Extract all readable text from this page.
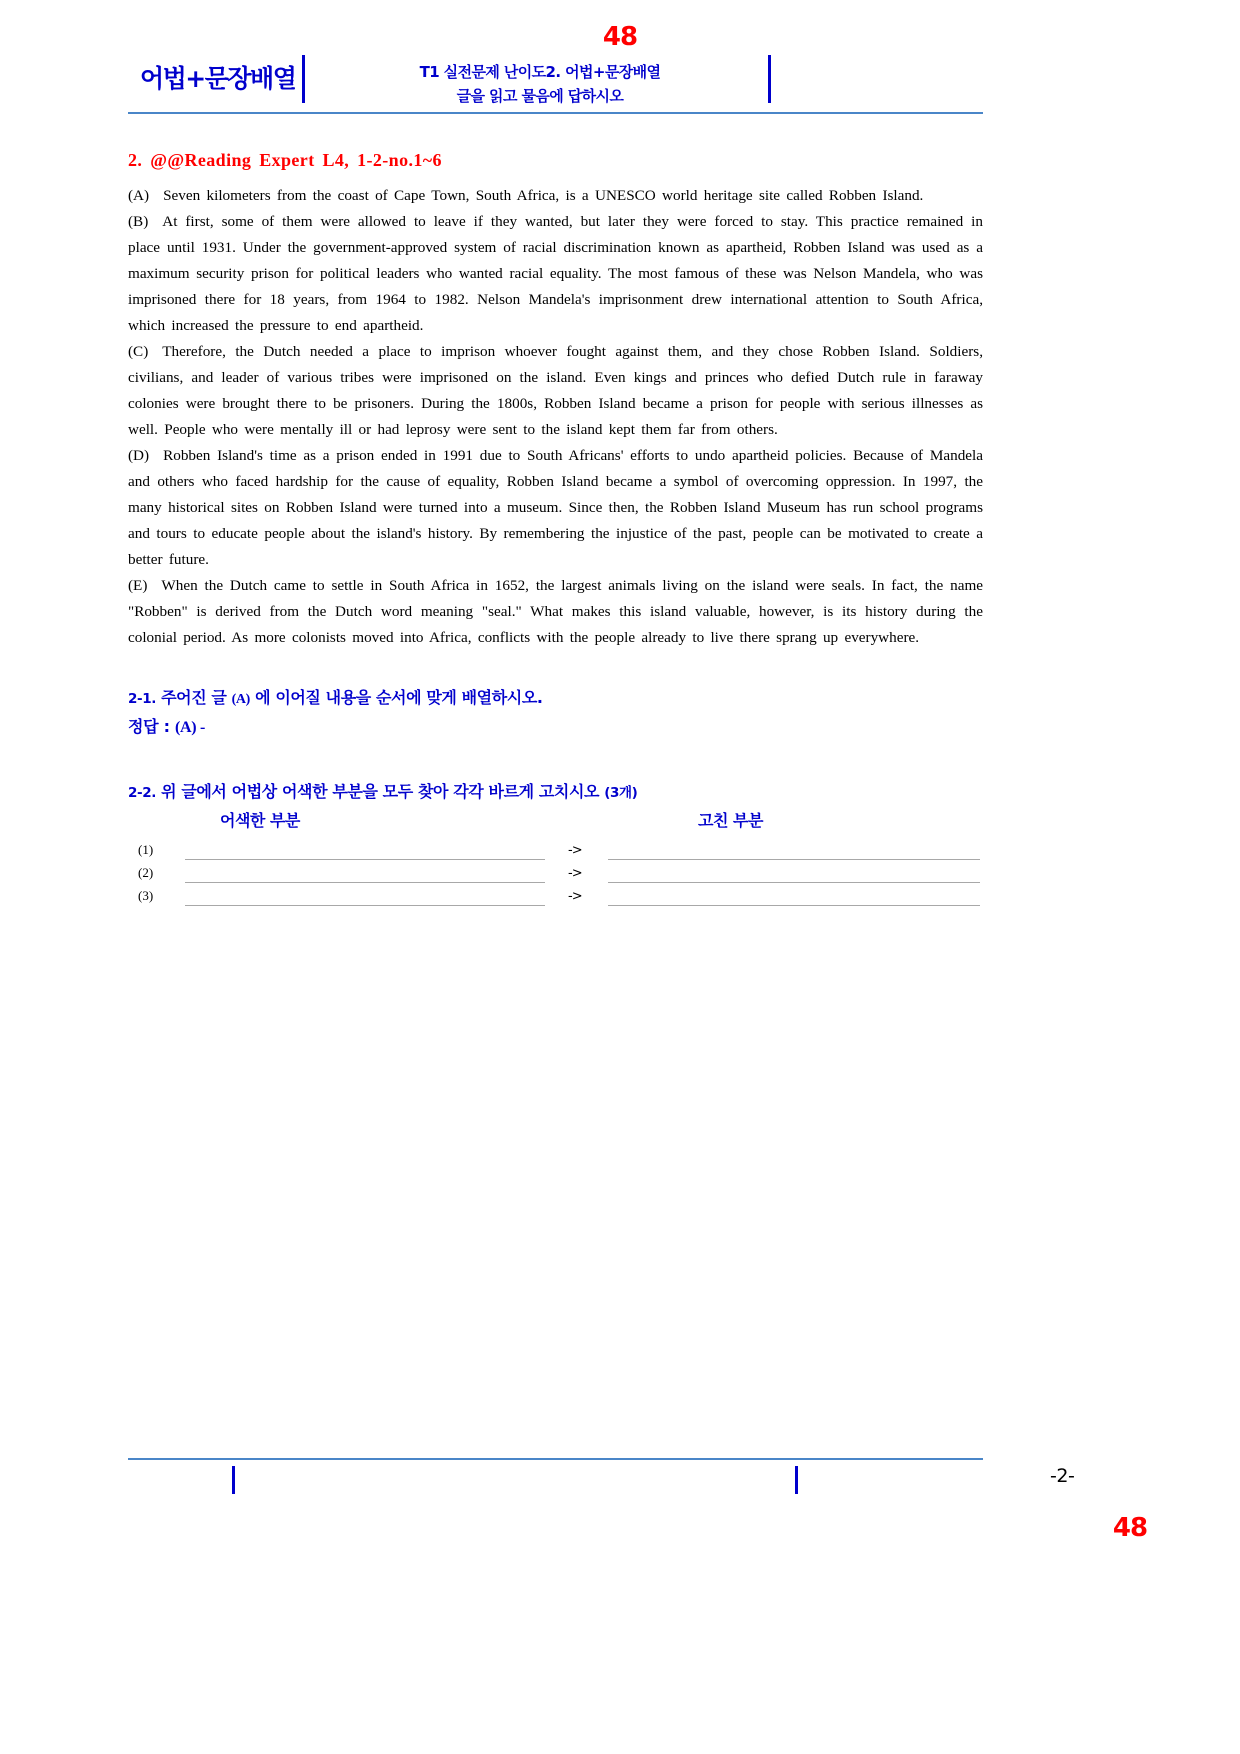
48
어법+문장배열	T1 실전문제 난이도2. 어법+문장배열
글을 읽고 물음에 답하시오
2. @@Reading Expert L4, 1-2-no.1~6

(A) Seven kilometers from the coast of Cape Town, South Africa, is a UNESCO world heritage site called Robben Island.

(B) At first, some of them were allowed to leave if they wanted, but later they were forced to stay. This practice remained in place until 1931. Under the government-approved system of racial discrimination known as apartheid, Robben Island was used as a maximum security prison for political leaders who wanted racial equality. The most famous of these was Nelson Mandela, who was imprisoned there for 18 years, from 1964 to 1982. Nelson Mandela's imprisonment drew international attention to South Africa, which increased the pressure to end apartheid.

(C) Therefore, the Dutch needed a place to imprison whoever fought against them, and they chose Robben Island. Soldiers, civilians, and leader of various tribes were imprisoned on the island. Even kings and princes who defied Dutch rule in faraway colonies were brought there to be prisoners. During the 1800s, Robben Island became a prison for people with serious illnesses as well. People who were mentally ill or had leprosy were sent to the island kept them far from others.

(D) Robben Island's time as a prison ended in 1991 due to South Africans' efforts to undo apartheid policies. Because of Mandela and others who faced hardship for the cause of equality, Robben Island became a symbol of overcoming oppression. In 1997, the many historical sites on Robben Island were turned into a museum. Since then, the Robben Island Museum has run school programs and tours to educate people about the island's history. By remembering the injustice of the past, people can be motivated to create a better future.

(E) When the Dutch came to settle in South Africa in 1652, the largest animals living on the island were seals. In fact, the name "Robben" is derived from the Dutch word meaning "seal." What makes this island valuable, however, is its history during the colonial period. As more colonists moved into Africa, conflicts with the people already to live there sprang up everywhere.

2-1. 주어진 글 (A) 에 이어질 내용을 순서에 맞게 배열하시오.
정답 : (A) -
2-2. 위 글에서 어법상 어색한 부분을 모두 찾아 각각 바르게 고치시오 (3개)
어색한 부분	고친 부분
(1)	->
(2)	->
(3)	->
-2-
48
